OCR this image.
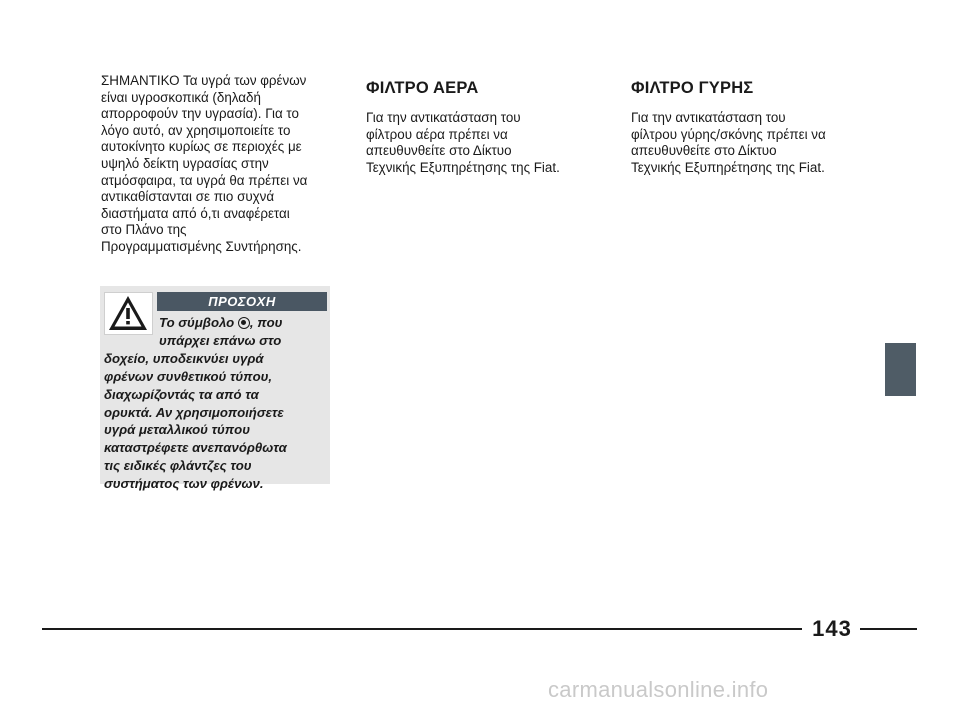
ΣΗΜΑΝΤΙΚΟ Τα υγρά των φρένων
είναι υγροσκοπικά (δηλαδή
απορροφούν την υγρασία). Για το
λόγο αυτό, αν χρησιμοποιείτε το
αυτοκίνητο κυρίως σε περιοχές με
υψηλό δείκτη υγρασίας στην
ατμόσφαιρα, τα υγρά θα πρέπει να
αντικαθίστανται σε πιο συχνά
διαστήματα από ό,τι αναφέρεται
στο Πλάνο της
Προγραμματισμένης Συντήρησης.

ΠΡΟΣΟΧΗ
Το σύμβολο , που
υπάρχει επάνω στο
δοχείο, υποδεικνύει υγρά
φρένων συνθετικού τύπου,
διαχωρίζοντάς τα από τα
ορυκτά. Αν χρησιμοποιήσετε
υγρά μεταλλικού τύπου
καταστρέφετε ανεπανόρθωτα
τις ειδικές φλάντζες του
συστήματος των φρένων.
ΦΙΛΤΡΟ ΑΕΡΑ

Για την αντικατάσταση του
φίλτρου αέρα πρέπει να
απευθυνθείτε στο Δίκτυο
Τεχνικής Εξυπηρέτησης της Fiat.

ΦΙΛΤΡΟ ΓΥΡΗΣ

Για την αντικατάσταση του
φίλτρου γύρης/σκόνης πρέπει να
απευθυνθείτε στο Δίκτυο
Τεχνικής Εξυπηρέτησης της Fiat.

143
carmanualsonline.info
